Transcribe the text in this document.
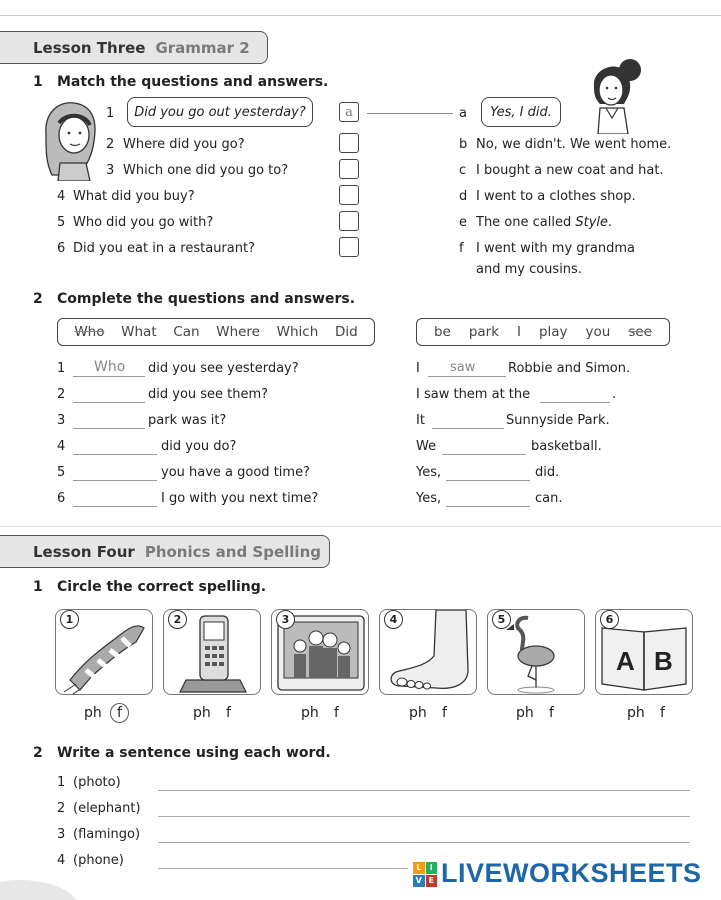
Lesson Three Grammar 2
1 Match the questions and answers.
Did you go out yesterday?	Yes, I did.
1
2 Where did you go?
3 Which one did you go to?
4 What did you buy?
5 Who did you go with?
6 Did you eat in a restaurant?
a	a
b No, we didn't. We went home.
c I bought a new coat and hat.
d I went to a clothes shop.
e The one called Style.
f I went with my grandma
and my cousins.
2 Complete the questions and answers.
Who What Can Where Which Did	be park I play you see
1 Who did you see yesterday?	I saw	Robbie and Simon.
2	did you see them?	I saw them at the	.
3	park was it?	It	Sunnyside Park.
4	did you do?	We	basketball.
5	you have a good time?	Yes,	did.
6	I go with you next time?	Yes,	can.
Lesson Four Phonics and Spelling
1 Circle the correct spelling.
1	2	3	4	5
A B
6
ph	f	ph f	ph f	ph f	ph f	ph f
2 Write a sentence using each word.
1 (photo)
2 (elephant)
3 (flamingo)
4 (phone)	L	I
V E LIVEWORKSHEETS
